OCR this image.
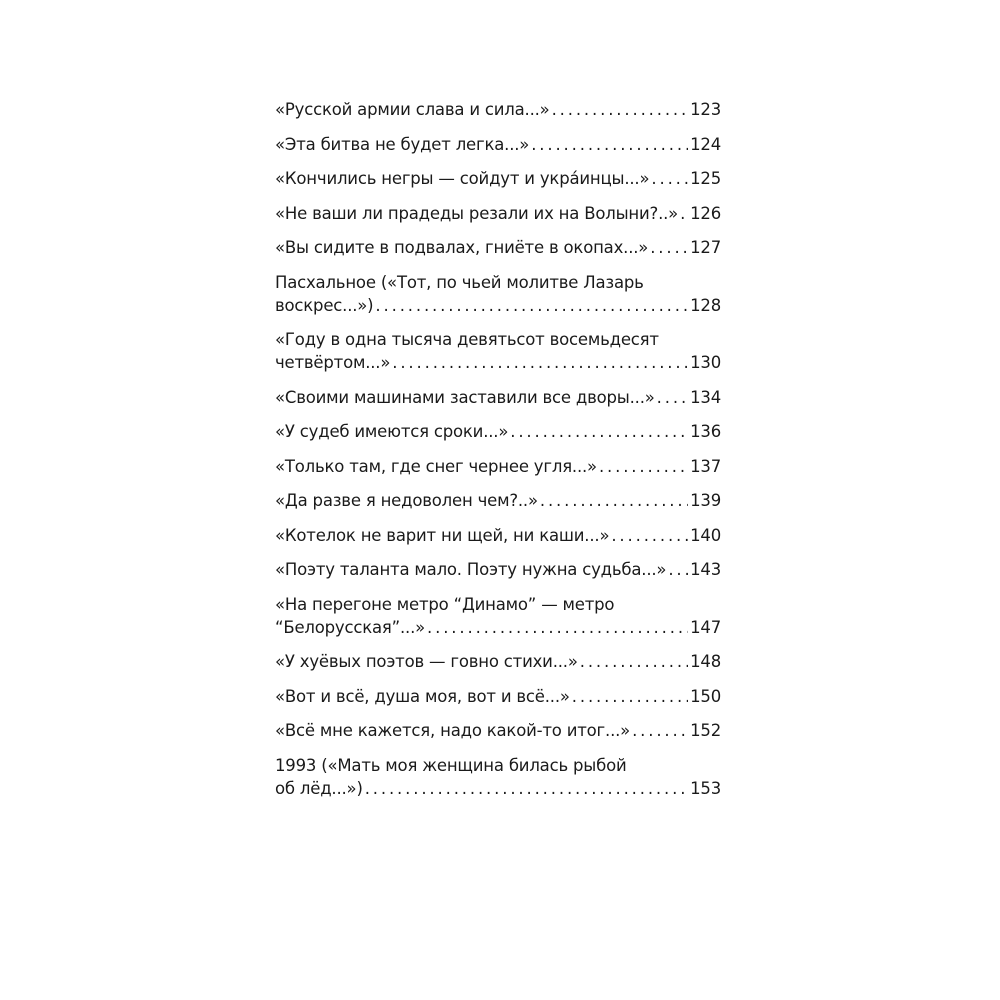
«Русской армии слава и сила...» . . .	123
«Эта битва не будет легка...» . . .	124
«Кончились негры — сойдут и укра́инцы...» . . . 125
«Не ваши ли прадеды резали их на Волыни?..» . . . 126
«Вы сидите в подвалах, гниёте в окопах...» . . .	127
Пасхальное («Тот, по чьей молитве Лазарь
воскрес...») . . .	128
«Году в одна тысяча девятьсот восемьдесят
четвёртом...» . . .	130
«Своими машинами заставили все дворы...» . . . 134
«У судеб имеются сроки...» . . .	136
«Только там, где снег чернее угля...» . . .	137
«Да разве я недоволен чем?..» . . .	139
«Котелок не варит ни щей, ни каши...» . . .	140
«Поэту таланта мало. Поэту нужна судьба...» . . . 143
«На перегоне метро “Динамо” — метро
“Белорусская”...» . . .	147
«У хуёвых поэтов — говно стихи...» . . .	148
«Вот и всё, душа моя, вот и всё...» . . .	150
«Всё мне кажется, надо какой-то итог...» . . .	152
1993 («Мать моя женщина билась рыбой
об лёд...») . . .	153
